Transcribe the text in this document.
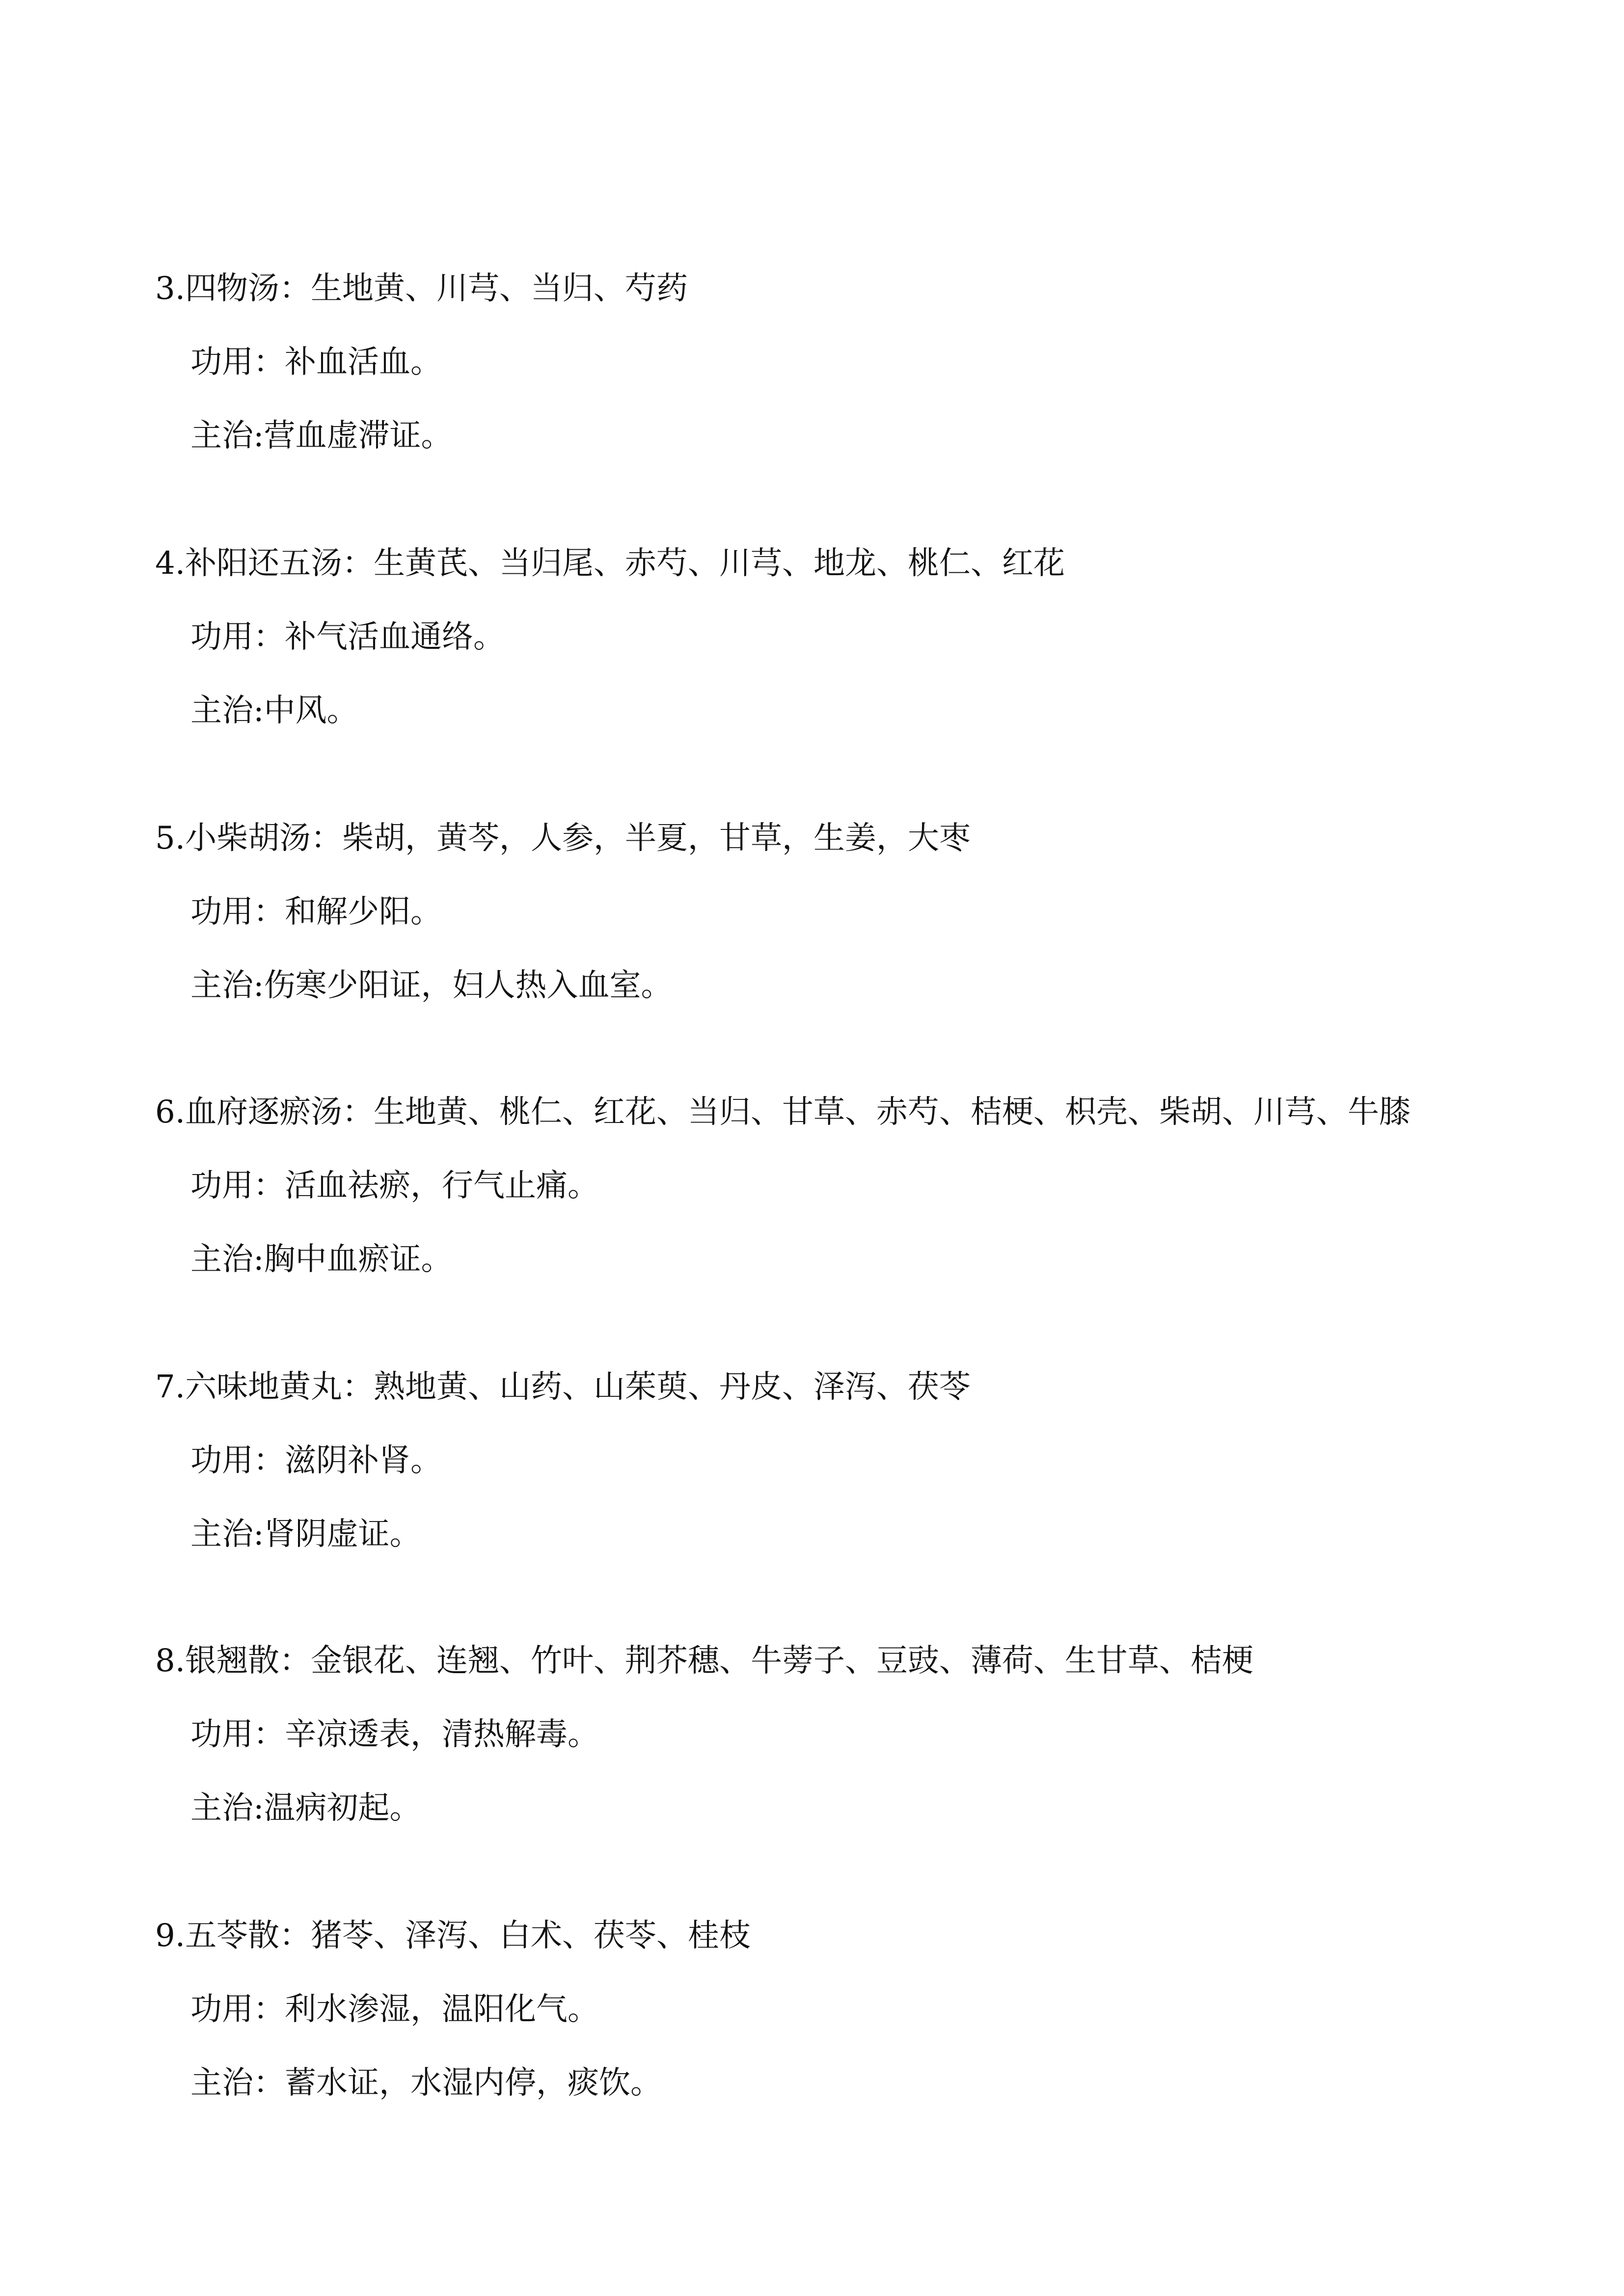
3.四物汤：生地黄、川芎、当归、芍药
功用：补血活血。
主治:营血虚滞证。
4.补阳还五汤：生黄芪、当归尾、赤芍、川芎、地龙、桃仁、红花
功用：补气活血通络。
主治:中风。
5.小柴胡汤：柴胡，黄芩，人参，半夏，甘草，生姜，大枣
功用：和解少阳。
主治:伤寒少阳证，妇人热入血室。
6.血府逐瘀汤：生地黄、桃仁、红花、当归、甘草、赤芍、桔梗、枳壳、柴胡、川芎、牛膝
功用：活血祛瘀，行气止痛。
主治:胸中血瘀证。
7.六味地黄丸：熟地黄、山药、山茱萸、丹皮、泽泻、茯苓
功用：滋阴补肾。
主治:肾阴虚证。
8.银翘散：金银花、连翘、竹叶、荆芥穗、牛蒡子、豆豉、薄荷、生甘草、桔梗
功用：辛凉透表，清热解毒。
主治:温病初起。
9.五苓散：猪苓、泽泻、白术、茯苓、桂枝
功用：利水渗湿，温阳化气。
主治：蓄水证，水湿内停，痰饮。
